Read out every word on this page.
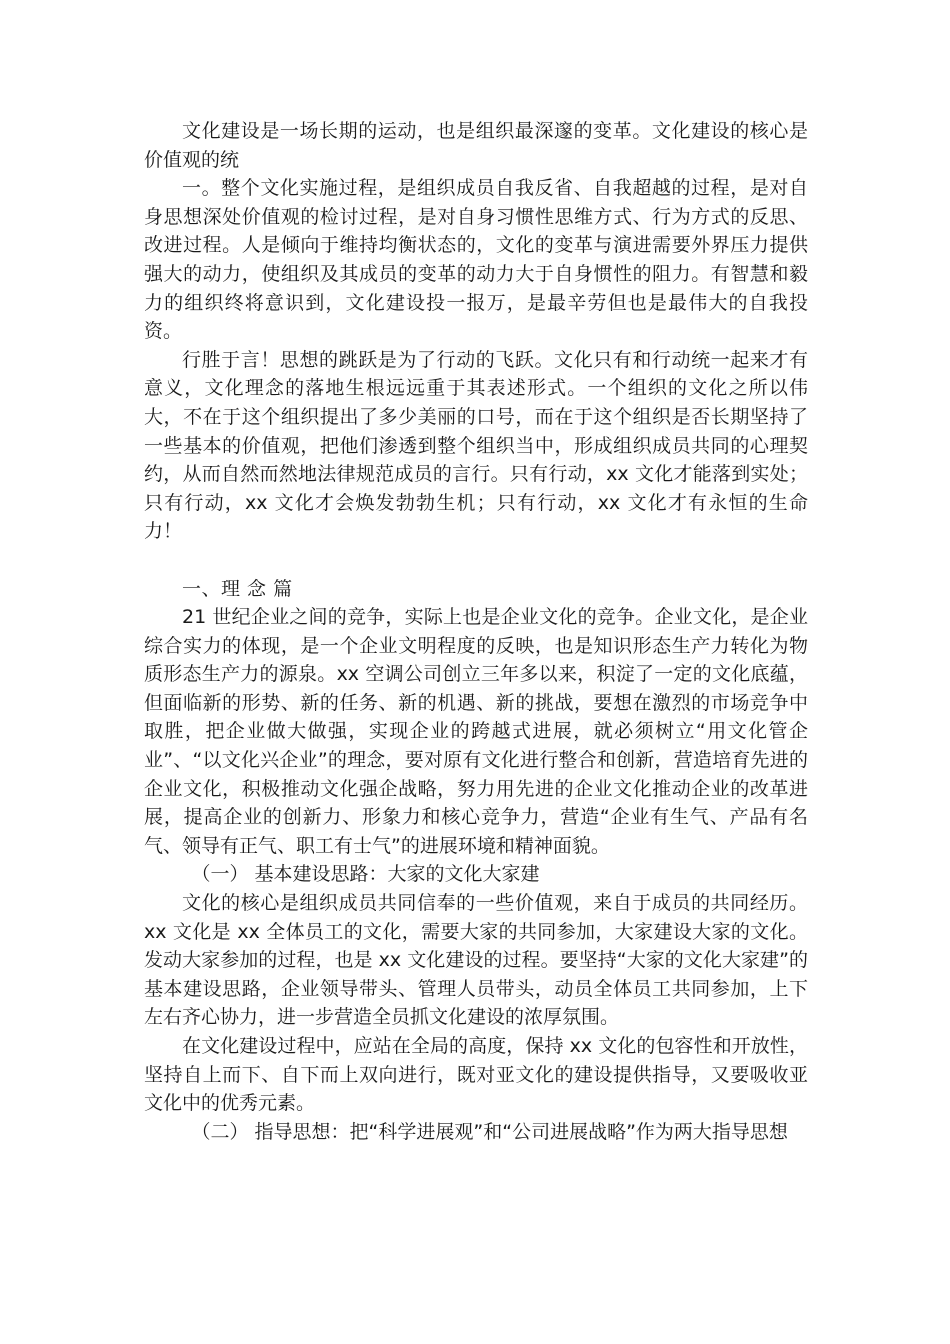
文化建设是一场长期的运动，也是组织最深邃的变革。文化建设的核心是价值观的统

一。整个文化实施过程，是组织成员自我反省、自我超越的过程，是对自身思想深处价值观的检讨过程，是对自身习惯性思维方式、行为方式的反思、改进过程。人是倾向于维持均衡状态的，文化的变革与演进需要外界压力提供强大的动力，使组织及其成员的变革的动力大于自身惯性的阻力。有智慧和毅力的组织终将意识到，文化建设投一报万，是最辛劳但也是最伟大的自我投资。

行胜于言！思想的跳跃是为了行动的飞跃。文化只有和行动统一起来才有意义，文化理念的落地生根远远重于其表述形式。一个组织的文化之所以伟大，不在于这个组织提出了多少美丽的口号，而在于这个组织是否长期坚持了一些基本的价值观，把他们渗透到整个组织当中，形成组织成员共同的心理契约，从而自然而然地法律规范成员的言行。只有行动，xx 文化才能落到实处；只有行动，xx 文化才会焕发勃勃生机；只有行动，xx 文化才有永恒的生命力！

一、理 念 篇

21 世纪企业之间的竞争，实际上也是企业文化的竞争。企业文化，是企业综合实力的体现，是一个企业文明程度的反映，也是知识形态生产力转化为物质形态生产力的源泉。xx 空调公司创立三年多以来，积淀了一定的文化底蕴，但面临新的形势、新的任务、新的机遇、新的挑战，要想在激烈的市场竞争中取胜，把企业做大做强，实现企业的跨越式进展，就必须树立“用文化管企业”、“以文化兴企业”的理念，要对原有文化进行整合和创新，营造培育先进的企业文化，积极推动文化强企战略，努力用先进的企业文化推动企业的改革进展，提高企业的创新力、形象力和核心竞争力，营造“企业有生气、产品有名气、领导有正气、职工有士气”的进展环境和精神面貌。

（一） 基本建设思路：大家的文化大家建

文化的核心是组织成员共同信奉的一些价值观，来自于成员的共同经历。xx 文化是 xx 全体员工的文化，需要大家的共同参加，大家建设大家的文化。发动大家参加的过程，也是 xx 文化建设的过程。要坚持“大家的文化大家建”的基本建设思路，企业领导带头、管理人员带头，动员全体员工共同参加，上下左右齐心协力，进一步营造全员抓文化建设的浓厚氛围。

在文化建设过程中，应站在全局的高度，保持 xx 文化的包容性和开放性，坚持自上而下、自下而上双向进行，既对亚文化的建设提供指导，又要吸收亚文化中的优秀元素。

（二） 指导思想：把“科学进展观”和“公司进展战略”作为两大指导思想
